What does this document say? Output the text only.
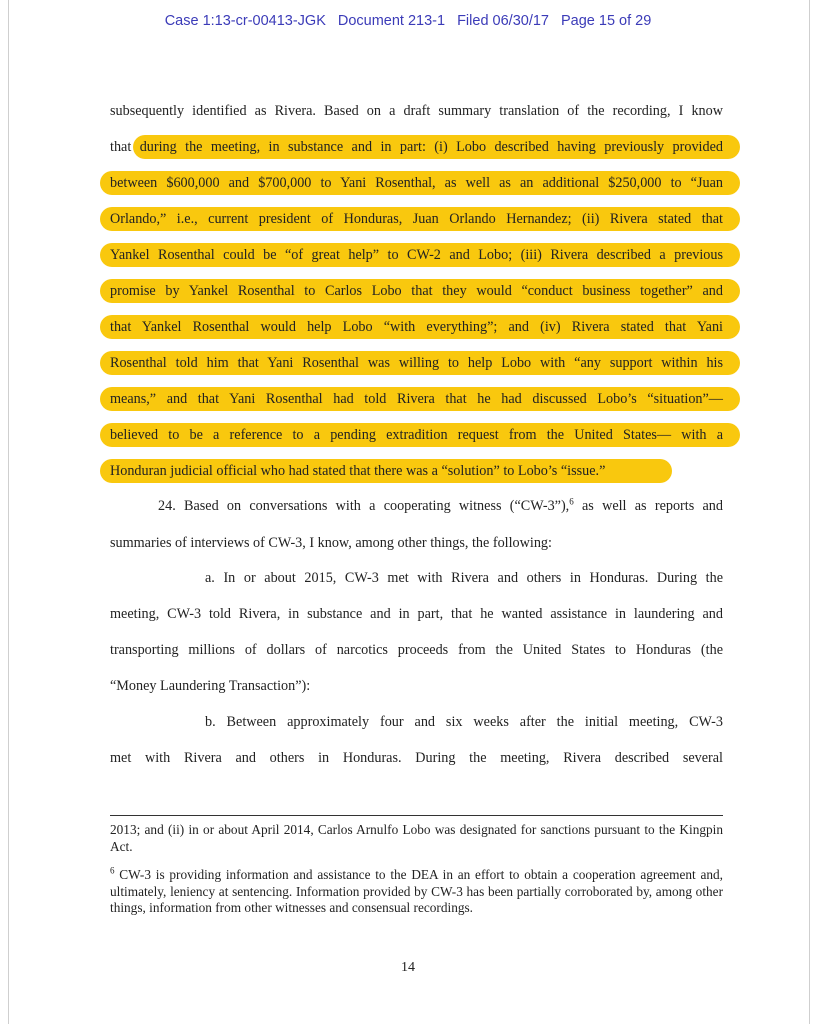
Case 1:13-cr-00413-JGK Document 213-1 Filed 06/30/17 Page 15 of 29
subsequently identified as Rivera. Based on a draft summary translation of the recording, I know
that during the meeting, in substance and in part: (i) Lobo described having previously provided
between $600,000 and $700,000 to Yani Rosenthal, as well as an additional $250,000 to “Juan
Orlando,” i.e., current president of Honduras, Juan Orlando Hernandez; (ii) Rivera stated that
Yankel Rosenthal could be “of great help” to CW-2 and Lobo; (iii) Rivera described a previous
promise by Yankel Rosenthal to Carlos Lobo that they would “conduct business together” and
that Yankel Rosenthal would help Lobo “with everything”; and (iv) Rivera stated that Yani
Rosenthal told him that Yani Rosenthal was willing to help Lobo with “any support within his
means,” and that Yani Rosenthal had told Rivera that he had discussed Lobo’s “situation”—
believed to be a reference to a pending extradition request from the United States— with a
Honduran judicial official who had stated that there was a “solution” to Lobo’s “issue.”
24. Based on conversations with a cooperating witness (“CW-3”),$^6$ as well as reports and
summaries of interviews of CW-3, I know, among other things, the following:
a. In or about 2015, CW-3 met with Rivera and others in Honduras. During the
meeting, CW-3 told Rivera, in substance and in part, that he wanted assistance in laundering and
transporting millions of dollars of narcotics proceeds from the United States to Honduras (the
“Money Laundering Transaction”):
b. Between approximately four and six weeks after the initial meeting, CW-3
met with Rivera and others in Honduras. During the meeting, Rivera described several
2013; and (ii) in or about April 2014, Carlos Arnulfo Lobo was designated for sanctions pursuant to the Kingpin Act.
$^6$ CW-3 is providing information and assistance to the DEA in an effort to obtain a cooperation agreement and, ultimately, leniency at sentencing. Information provided by CW-3 has been partially corroborated by, among other things, information from other witnesses and consensual recordings.
14
